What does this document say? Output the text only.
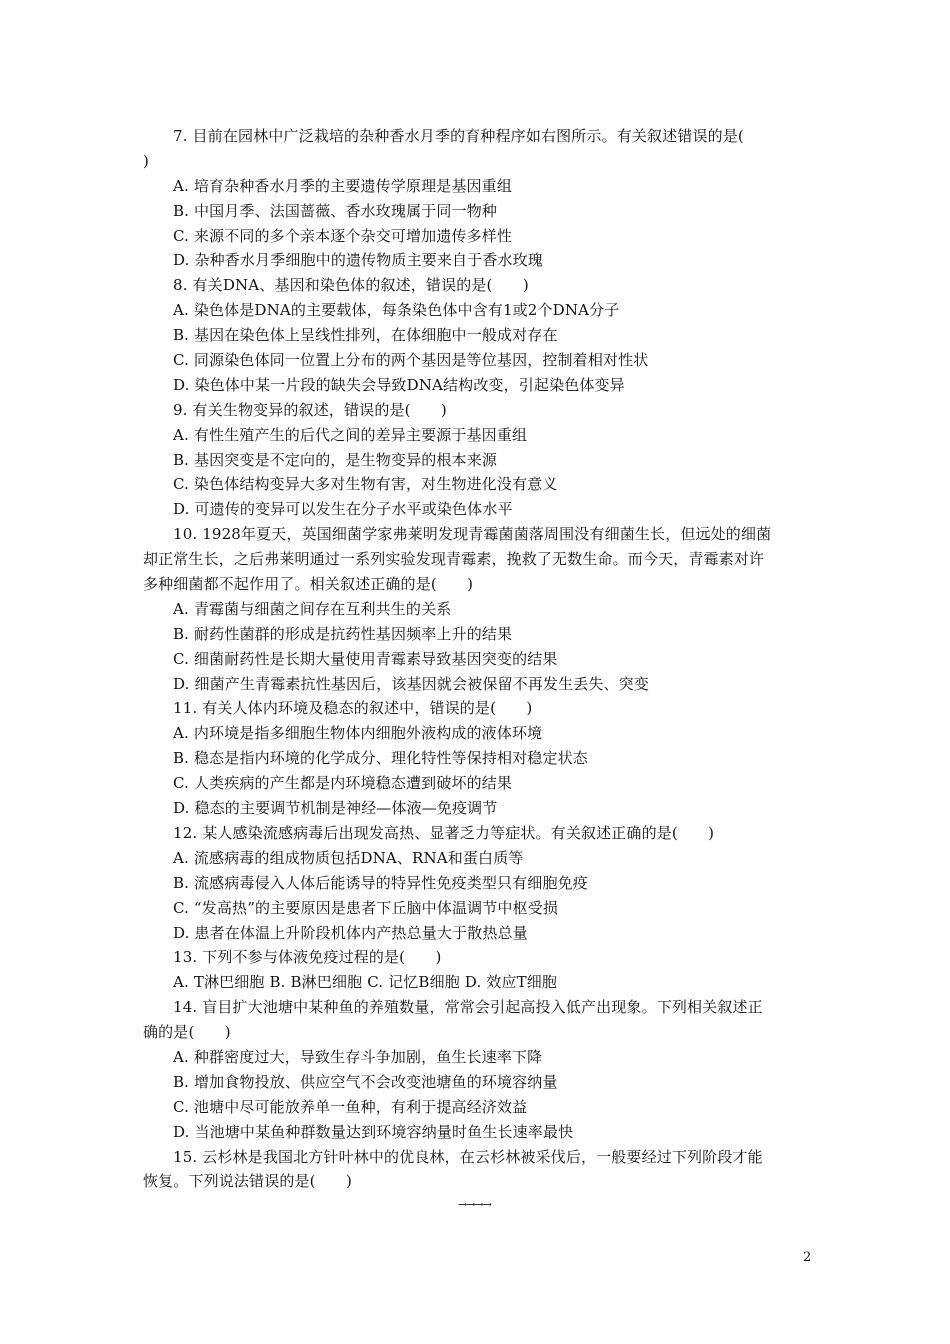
7. 目前在园林中广泛栽培的杂种香水月季的育种程序如右图所示。有关叙述错误的是(
)
A. 培育杂种香水月季的主要遗传学原理是基因重组
B. 中国月季、法国蔷薇、香水玫瑰属于同一物种
C. 来源不同的多个亲本逐个杂交可增加遗传多样性
D. 杂种香水月季细胞中的遗传物质主要来自于香水玫瑰
8. 有关DNA、基因和染色体的叙述，错误的是(　　)
A. 染色体是DNA的主要载体，每条染色体中含有1或2个DNA分子
B. 基因在染色体上呈线性排列，在体细胞中一般成对存在
C. 同源染色体同一位置上分布的两个基因是等位基因，控制着相对性状
D. 染色体中某一片段的缺失会导致DNA结构改变，引起染色体变异
9. 有关生物变异的叙述，错误的是(　　)
A. 有性生殖产生的后代之间的差异主要源于基因重组
B. 基因突变是不定向的，是生物变异的根本来源
C. 染色体结构变异大多对生物有害，对生物进化没有意义
D. 可遗传的变异可以发生在分子水平或染色体水平
10. 1928年夏天，英国细菌学家弗莱明发现青霉菌菌落周围没有细菌生长，但远处的细菌
却正常生长，之后弗莱明通过一系列实验发现青霉素，挽救了无数生命。而今天，青霉素对许
多种细菌都不起作用了。相关叙述正确的是(　　)
A. 青霉菌与细菌之间存在互利共生的关系
B. 耐药性菌群的形成是抗药性基因频率上升的结果
C. 细菌耐药性是长期大量使用青霉素导致基因突变的结果
D. 细菌产生青霉素抗性基因后，该基因就会被保留不再发生丢失、突变
11. 有关人体内环境及稳态的叙述中，错误的是(　　)
A. 内环境是指多细胞生物体内细胞外液构成的液体环境
B. 稳态是指内环境的化学成分、理化特性等保持相对稳定状态
C. 人类疾病的产生都是内环境稳态遭到破坏的结果
D. 稳态的主要调节机制是神经—体液—免疫调节
12. 某人感染流感病毒后出现发高热、显著乏力等症状。有关叙述正确的是(　　)
A. 流感病毒的组成物质包括DNA、RNA和蛋白质等
B. 流感病毒侵入人体后能诱导的特异性免疫类型只有细胞免疫
C. “发高热”的主要原因是患者下丘脑中体温调节中枢受损
D. 患者在体温上升阶段机体内产热总量大于散热总量
13. 下列不参与体液免疫过程的是(　　)
A. T淋巴细胞 B. B淋巴细胞 C. 记忆B细胞 D. 效应T细胞
14. 盲目扩大池塘中某种鱼的养殖数量，常常会引起高投入低产出现象。下列相关叙述正
确的是(　　)
A. 种群密度过大，导致生存斗争加剧，鱼生长速率下降
B. 增加食物投放、供应空气不会改变池塘鱼的环境容纳量
C. 池塘中尽可能放养单一鱼种，有利于提高经济效益
D. 当池塘中某鱼种群数量达到环境容纳量时鱼生长速率最快
15. 云杉林是我国北方针叶林中的优良林，在云杉林被采伐后，一般要经过下列阶段才能
恢复。下列说法错误的是(　　)
→→→→
2
